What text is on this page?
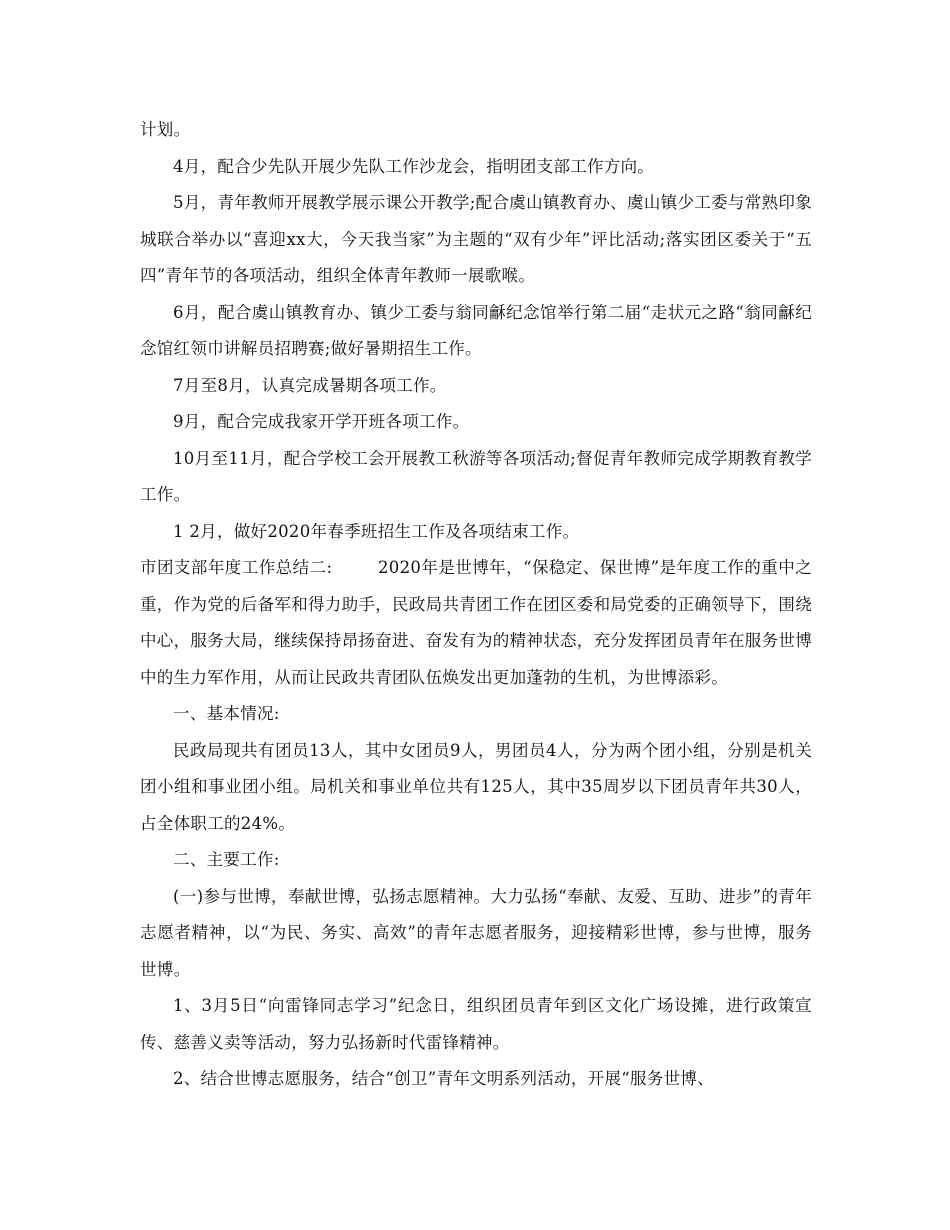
计划。

4月，配合少先队开展少先队工作沙龙会，指明团支部工作方向。

5月，青年教师开展教学展示课公开教学;配合虞山镇教育办、虞山镇少工委与常熟印象城联合举办以“喜迎xx大，今天我当家”为主题的“双有少年”评比活动;落实团区委关于“五四”青年节的各项活动，组织全体青年教师一展歌喉。

6月，配合虞山镇教育办、镇少工委与翁同龢纪念馆举行第二届“走状元之路“翁同龢纪念馆红领巾讲解员招聘赛;做好暑期招生工作。

7月至8月，认真完成暑期各项工作。

9月，配合完成我家开学开班各项工作。

10月至11月，配合学校工会开展教工秋游等各项活动;督促青年教师完成学期教育教学工作。

1 2月，做好2020年春季班招生工作及各项结束工作。

市团支部年度工作总结二:        2020年是世博年，“保稳定、保世博”是年度工作的重中之重，作为党的后备军和得力助手，民政局共青团工作在团区委和局党委的正确领导下，围绕中心，服务大局，继续保持昂扬奋进、奋发有为的精神状态，充分发挥团员青年在服务世博中的生力军作用，从而让民政共青团队伍焕发出更加蓬勃的生机，为世博添彩。

一、基本情况:

民政局现共有团员13人，其中女团员9人，男团员4人，分为两个团小组，分别是机关团小组和事业团小组。局机关和事业单位共有125人，其中35周岁以下团员青年共30人，占全体职工的24%。

二、主要工作:

(一)参与世博，奉献世博，弘扬志愿精神。大力弘扬“奉献、友爱、互助、进步”的青年志愿者精神，以“为民、务实、高效”的青年志愿者服务，迎接精彩世博，参与世博，服务世博。

1、3月5日“向雷锋同志学习”纪念日，组织团员青年到区文化广场设摊，进行政策宣传、慈善义卖等活动，努力弘扬新时代雷锋精神。

2、结合世博志愿服务，结合“创卫”青年文明系列活动，开展“服务世博、
